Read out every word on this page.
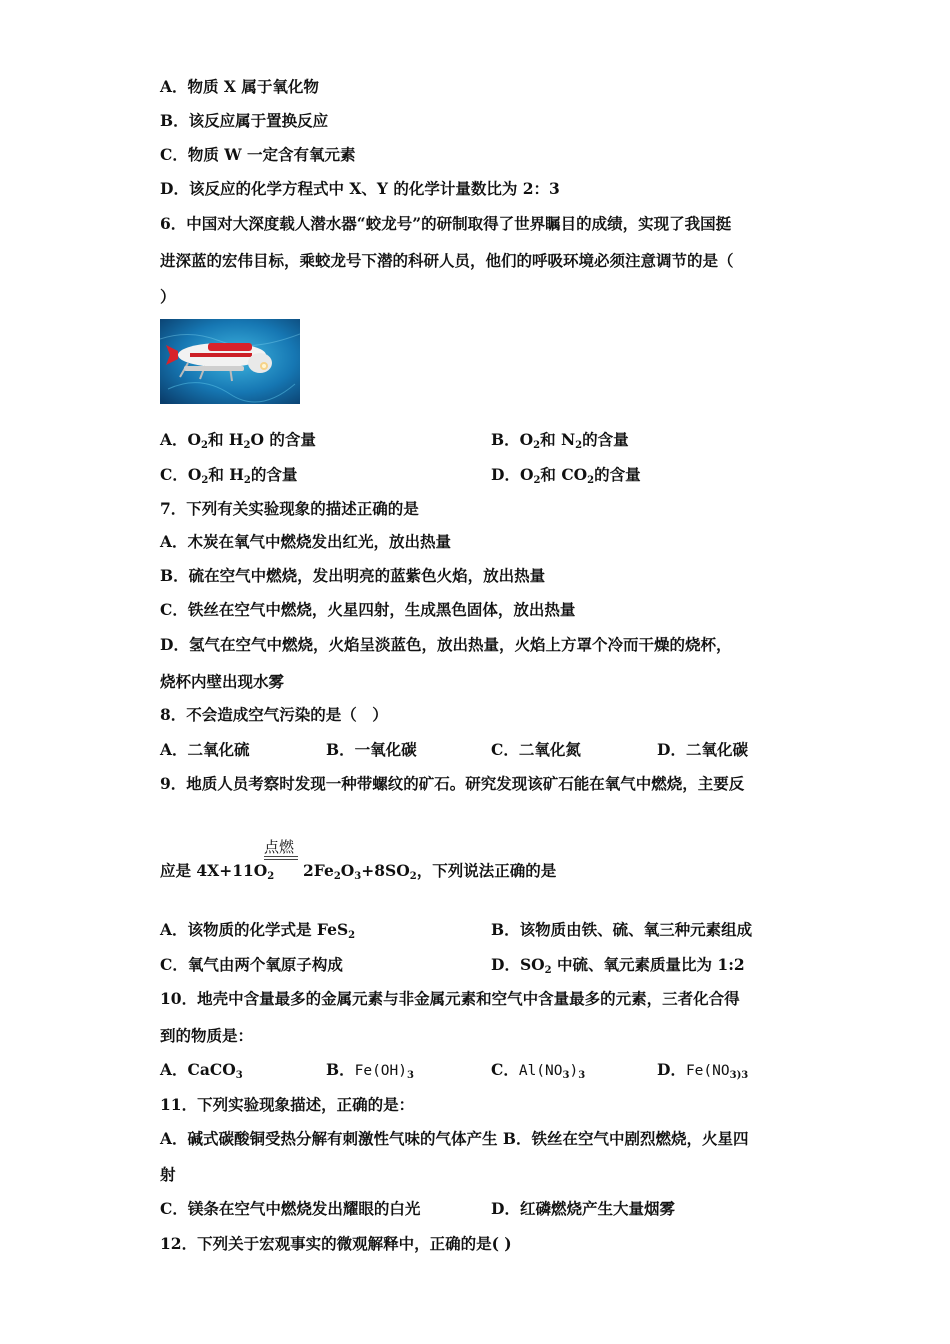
A．物质 X 属于氧化物
B．该反应属于置换反应
C．物质 W 一定含有氧元素
D．该反应的化学方程式中 X、Y 的化学计量数比为 2：3
6．中国对大深度载人潜水器“蛟龙号”的研制取得了世界瞩目的成绩，实现了我国挺
进深蓝的宏伟目标，乘蛟龙号下潜的科研人员，他们的呼吸环境必须注意调节的是（
）
A．O2和 H2O 的含量	B．O2和 N2的含量
C．O2和 H2的含量	D．O2和 CO2的含量
7．下列有关实验现象的描述正确的是
A．木炭在氧气中燃烧发出红光，放出热量
B．硫在空气中燃烧，发出明亮的蓝紫色火焰，放出热量
C．铁丝在空气中燃烧，火星四射，生成黑色固体，放出热量
D．氢气在空气中燃烧，火焰呈淡蓝色，放出热量，火焰上方罩个冷而干燥的烧杯，
烧杯内壁出现水雾
8．不会造成空气污染的是（　）
A．二氧化硫	B．一氧化碳	C．二氧化氮	D．二氧化碳
9．地质人员考察时发现一种带螺纹的矿石。研究发现该矿石能在氧气中燃烧，主要反
点燃
应是 4X+11O2 2Fe2O3+8SO2，下列说法正确的是
A．该物质的化学式是 FeS2	B．该物质由铁、硫、氧三种元素组成
C．氧气由两个氧原子构成	D．SO2 中硫、氧元素质量比为 1:2
10．地壳中含量最多的金属元素与非金属元素和空气中含量最多的元素，三者化合得
到的物质是：
A．CaCO3	B．Fe(OH)3	C．Al(NO3)3	D．Fe(NO3)3
11．下列实验现象描述，正确的是：
A．碱式碳酸铜受热分解有刺激性气味的气体产生 B．铁丝在空气中剧烈燃烧，火星四
射
C．镁条在空气中燃烧发出耀眼的白光	D．红磷燃烧产生大量烟雾
12．下列关于宏观事实的微观解释中，正确的是( )
